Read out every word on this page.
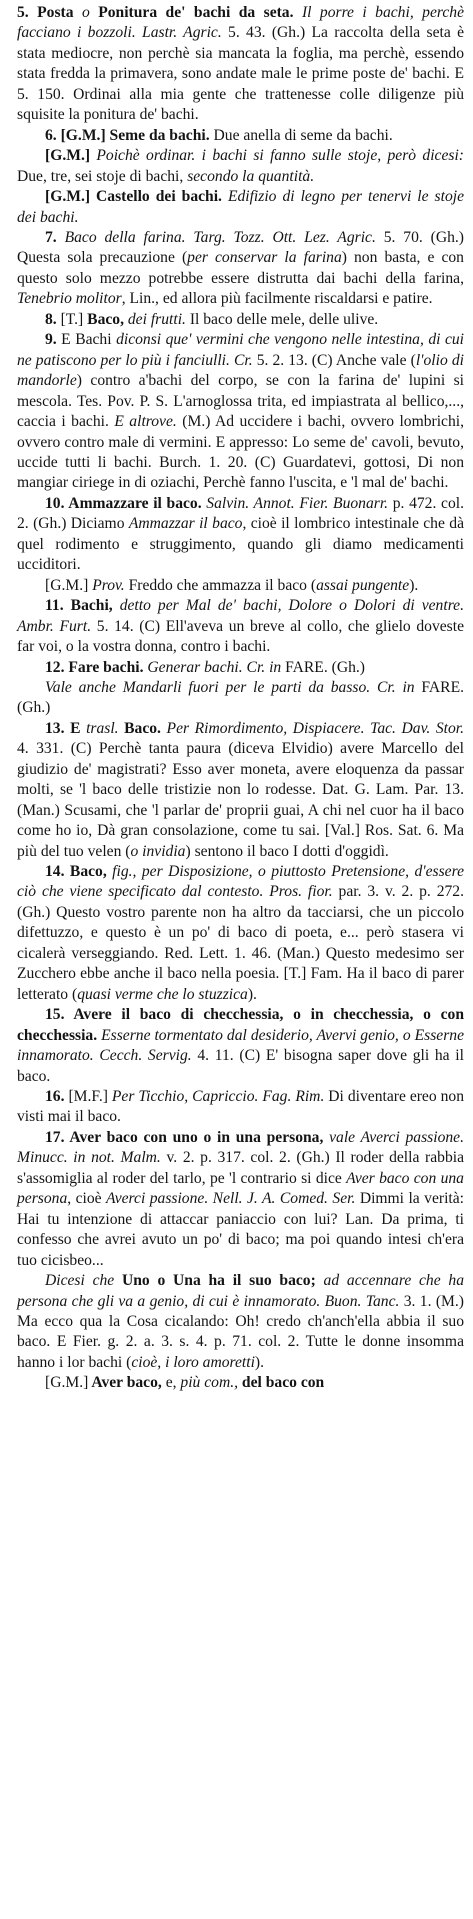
5. Posta o Ponitura de' bachi da seta. Il porre i bachi, perchè facciano i bozzoli. Lastr. Agric. 5. 43. (Gh.) La raccolta della seta è stata mediocre, non perchè sia mancata la foglia, ma perchè, essendo stata fredda la primavera, sono andate male le prime poste de' bachi. E 5. 150. Ordinai alla mia gente che trattenesse colle diligenze più squisite la ponitura de' bachi.

6. [G.M.] Seme da bachi. Due anella di seme da bachi.

[G.M.] Poichè ordinar. i bachi si fanno sulle stoje, però dicesi: Due, tre, sei stoje di bachi, secondo la quantità.

[G.M.] Castello dei bachi. Edifizio di legno per tenervi le stoje dei bachi.

7. Baco della farina. Targ. Tozz. Ott. Lez. Agric. 5. 70. (Gh.) Questa sola precauzione (per conservar la farina) non basta, e con questo solo mezzo potrebbe essere distrutta dai bachi della farina, Tenebrio molitor, Lin., ed allora più facilmente riscaldarsi e patire.

8. [T.] Baco, dei frutti. Il baco delle mele, delle ulive.

9. E Bachi diconsi que' vermini che vengono nelle intestina, di cui ne patiscono per lo più i fanciulli. Cr. 5. 2. 13. (C) Anche vale (l'olio di mandorle) contro a'bachi del corpo, se con la farina de' lupini si mescola. Tes. Pov. P. S. L'arnoglossa trita, ed impiastrata al bellico,..., caccia i bachi. E altrove. (M.) Ad uccidere i bachi, ovvero lombrichi, ovvero contro male di vermini. E appresso: Lo seme de' cavoli, bevuto, uccide tutti li bachi. Burch. 1. 20. (C) Guardatevi, gottosi, Di non mangiar ciriege in di oziachi, Perchè fanno l'uscita, e 'l mal de' bachi.

10. Ammazzare il baco. Salvin. Annot. Fier. Buonarr. p. 472. col. 2. (Gh.) Diciamo Ammazzar il baco, cioè il lombrico intestinale che dà quel rodimento e struggimento, quando gli diamo medicamenti ucciditori.

[G.M.] Prov. Freddo che ammazza il baco (assai pungente).

11. Bachi, detto per Mal de' bachi, Dolore o Dolori di ventre. Ambr. Furt. 5. 14. (C) Ell'aveva un breve al collo, che glielo doveste far voi, o la vostra donna, contro i bachi.

12. Fare bachi. Generar bachi. Cr. in FARE. (Gh.)

Vale anche Mandarli fuori per le parti da basso. Cr. in FARE. (Gh.)

13. E trasl. Baco. Per Rimordimento, Dispiacere. Tac. Dav. Stor. 4. 331. (C) Perchè tanta paura (diceva Elvidio) avere Marcello del giudizio de' magistrati? Esso aver moneta, avere eloquenza da passar molti, se 'l baco delle tristizie non lo rodesse. Dat. G. Lam. Par. 13. (Man.) Scusami, che 'l parlar de' proprii guai, A chi nel cuor ha il baco come ho io, Dà gran consolazione, come tu sai. [Val.] Ros. Sat. 6. Ma più del tuo velen (o invidia) sentono il baco I dotti d'oggidì.

14. Baco, fig., per Disposizione, o piuttosto Pretensione, d'essere ciò che viene specificato dal contesto. Pros. fior. par. 3. v. 2. p. 272. (Gh.) Questo vostro parente non ha altro da tacciarsi, che un piccolo difettuzzo, e questo è un po' di baco di poeta, e... però stasera vi cicalerà verseggiando. Red. Lett. 1. 46. (Man.) Questo medesimo ser Zucchero ebbe anche il baco nella poesia. [T.] Fam. Ha il baco di parer letterato (quasi verme che lo stuzzica).

15. Avere il baco di checchessia, o in checchessia, o con checchessia. Esserne tormentato dal desiderio, Avervi genio, o Esserne innamorato. Cecch. Servig. 4. 11. (C) E' bisogna saper dove gli ha il baco.

16. [M.F.] Per Ticchio, Capriccio. Fag. Rim. Di diventare ereo non visti mai il baco.

17. Aver baco con uno o in una persona, vale Averci passione. Minucc. in not. Malm. v. 2. p. 317. col. 2. (Gh.) Il roder della rabbia s'assomiglia al roder del tarlo, pe 'l contrario si dice Aver baco con una persona, cioè Averci passione. Nell. J. A. Comed. Ser. Dimmi la verità: Hai tu intenzione di attaccar paniaccio con lui? Lan. Da prima, ti confesso che avrei avuto un po' di baco; ma poi quando intesi ch'era tuo cicisbeo...

Dicesi che Uno o Una ha il suo baco; ad accennare che ha persona che gli va a genio, di cui è innamorato. Buon. Tanc. 3. 1. (M.) Ma ecco qua la Cosa cicalando: Oh! credo ch'anch'ella abbia il suo baco. E Fier. g. 2. a. 3. s. 4. p. 71. col. 2. Tutte le donne insomma hanno i lor bachi (cioè, i loro amoretti).

[G.M.] Aver baco, e, più com., del baco con
